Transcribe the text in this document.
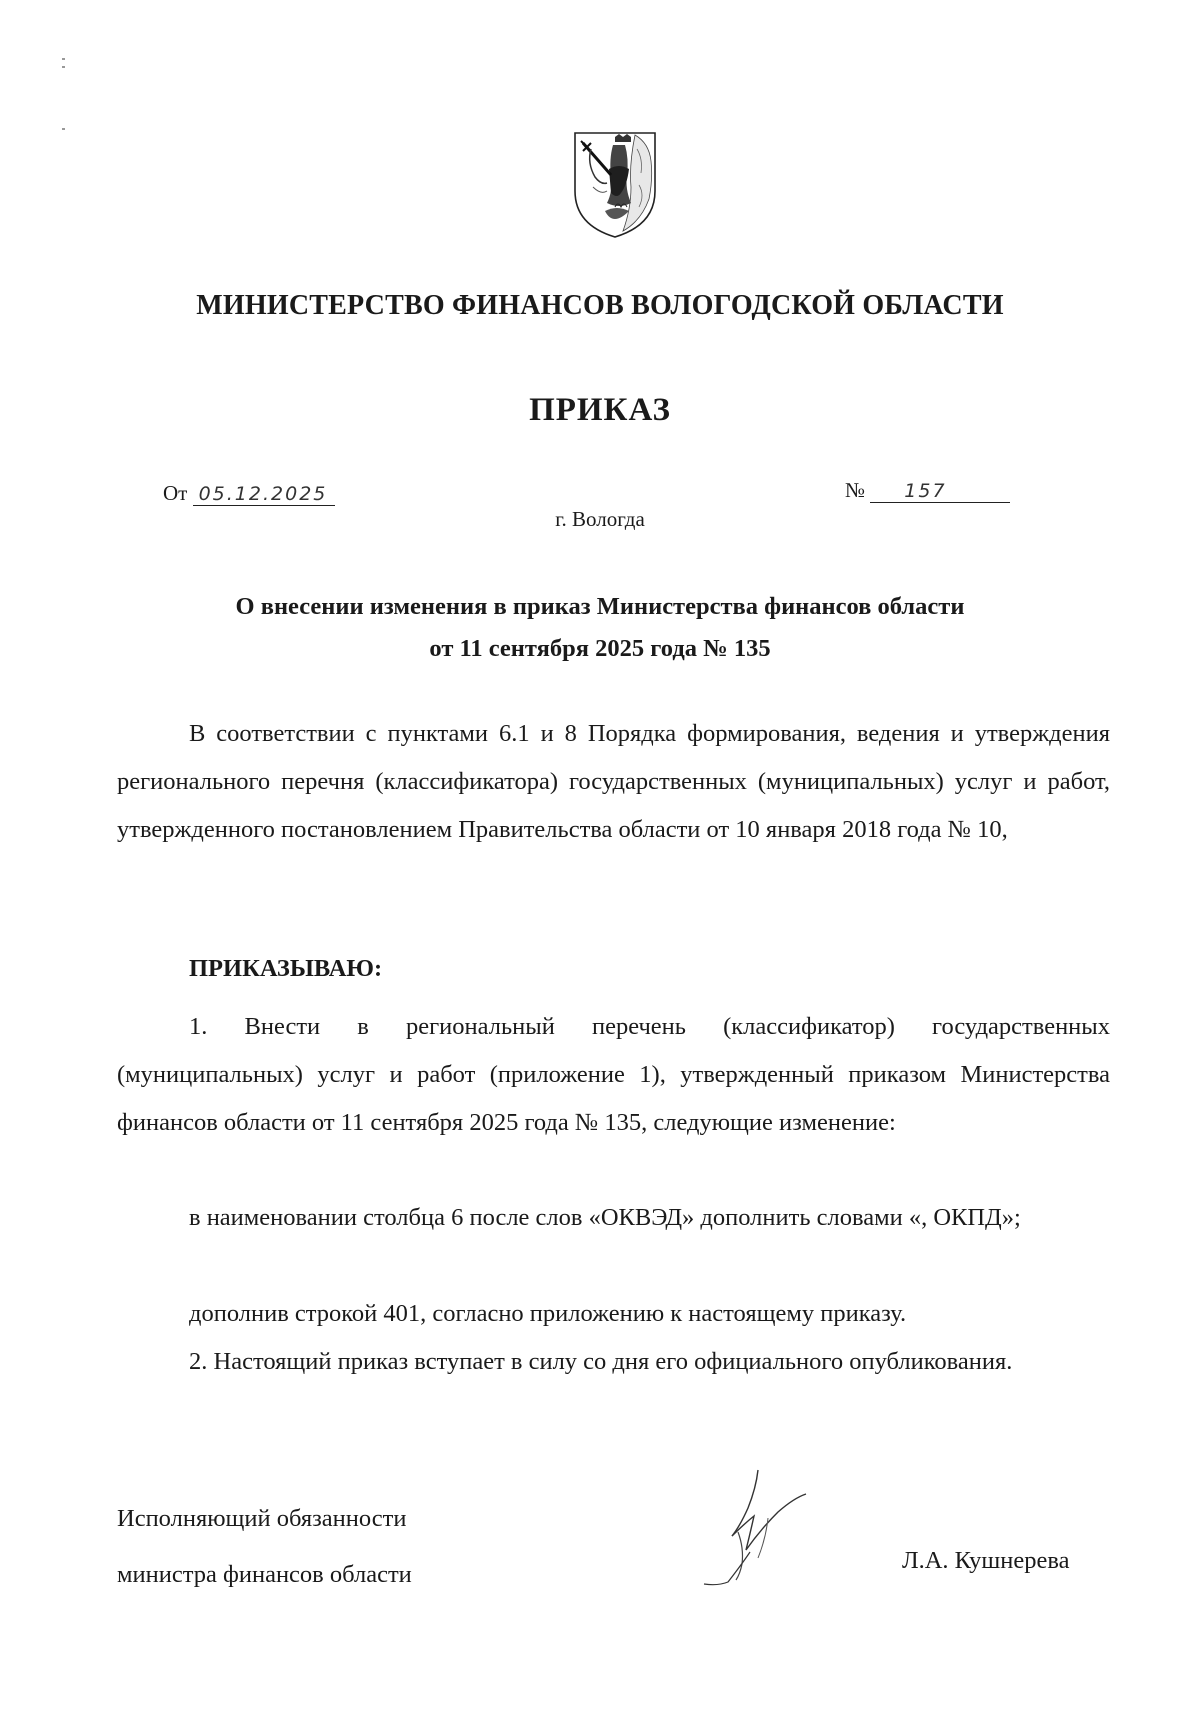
МИНИСТЕРСТВО ФИНАНСОВ ВОЛОГОДСКОЙ ОБЛАСТИ
ПРИКАЗ
От 05.12.2025	№ 157
г. Вологда
О внесении изменения в приказ Министерства финансов области
от 11 сентября 2025 года № 135
В соответствии с пунктами 6.1 и 8 Порядка формирования, ведения и утверждения регионального перечня (классификатора) государственных (муниципальных) услуг и работ, утвержденного постановлением Правительства области от 10 января 2018 года № 10,
ПРИКАЗЫВАЮ:
1. Внести в региональный перечень (классификатор) государственных (муниципальных) услуг и работ (приложение 1), утвержденный приказом Министерства финансов области от 11 сентября 2025 года № 135, следующие изменение:
в наименовании столбца 6 после слов «ОКВЭД» дополнить словами «, ОКПД»;
дополнив строкой 401, согласно приложению к настоящему приказу.
2. Настоящий приказ вступает в силу со дня его официального опубликования.
Исполняющий обязанности
министра финансов области
Л.А. Кушнерева
